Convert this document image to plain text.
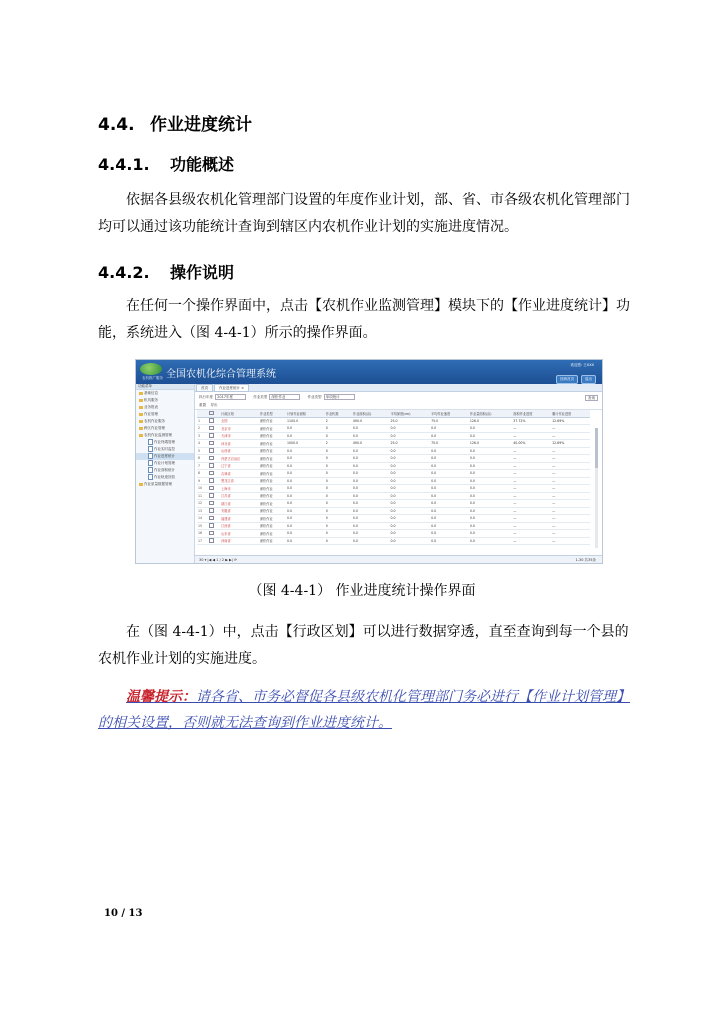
4.4. 作业进度统计
4.4.1. 功能概述
依据各县级农机化管理部门设置的年度作业计划，部、省、市各级农机化管理部门均可以通过该功能统计查询到辖区内农机作业计划的实施进度情况。
4.4.2. 操作说明
在任何一个操作界面中，点击【农机作业监测管理】模块下的【作业进度统计】功能，系统进入（图 4-4-1）所示的操作界面。
全国农机化综合管理系统
农机推广服务
欢迎您: 王XXX
回到首页	退出
功能菜单
基础信息
机具服务
业务报表
作业管理
农机作业服务
跨区作业管理
农机作业监测管理
作业终端管理
作业实时监控
作业进度统计
作业计划管理
作业面积统计
作业轨迹回放
作业质量数据管理
首页	作业进度统计 ×
执行年度 2017年度	作业类型 深松作业	作业类型 单项统计	查询
重置 导出
		行政区划	作业类型	计划作业面积	作业机数	作业面积(亩)	平均深度(cm)	平均作业速度	作业量面积(亩)	面积作业进度	累计作业进度
1		全国	深松作业	1100.0	2	490.0	25.0	75.0	126.0	37.72%	12.69%
2		北京市	深松作业	0.0	0	0.0	0.0	0.0	0.0	—	—
3		天津市	深松作业	0.0	0	0.0	0.0	0.0	0.0	—	—
4		河北省	深松作业	1000.0	2	490.0	25.0	75.0	126.0	40.00%	12.69%
5		山西省	深松作业	0.0	0	0.0	0.0	0.0	0.0	—	—
6		内蒙古自治区	深松作业	0.0	0	0.0	0.0	0.0	0.0	—	—
7		辽宁省	深松作业	0.0	0	0.0	0.0	0.0	0.0	—	—
8		吉林省	深松作业	0.0	0	0.0	0.0	0.0	0.0	—	—
9		黑龙江省	深松作业	0.0	0	0.0	0.0	0.0	0.0	—	—
10		上海市	深松作业	0.0	0	0.0	0.0	0.0	0.0	—	—
11		江苏省	深松作业	0.0	0	0.0	0.0	0.0	0.0	—	—
12		浙江省	深松作业	0.0	0	0.0	0.0	0.0	0.0	—	—
13		安徽省	深松作业	0.0	0	0.0	0.0	0.0	0.0	—	—
14		福建省	深松作业	0.0	0	0.0	0.0	0.0	0.0	—	—
15		江西省	深松作业	0.0	0	0.0	0.0	0.0	0.0	—	—
16		山东省	深松作业	0.0	0	0.0	0.0	0.0	0.0	—	—
17		河南省	深松作业	0.0	0	0.0	0.0	0.0	0.0	—	—
30 ▾ |◀ ◀ 1 / 2 ▶ ▶| ⟳	1-30 共35条
（图 4-4-1） 作业进度统计操作界面
在（图 4-4-1）中，点击【行政区划】可以进行数据穿透，直至查询到每一个县的农机作业计划的实施进度。
温馨提示：请各省、市务必督促各县级农机化管理部门务必进行【作业计划管理】的相关设置，否则就无法查询到作业进度统计。
10 / 13
